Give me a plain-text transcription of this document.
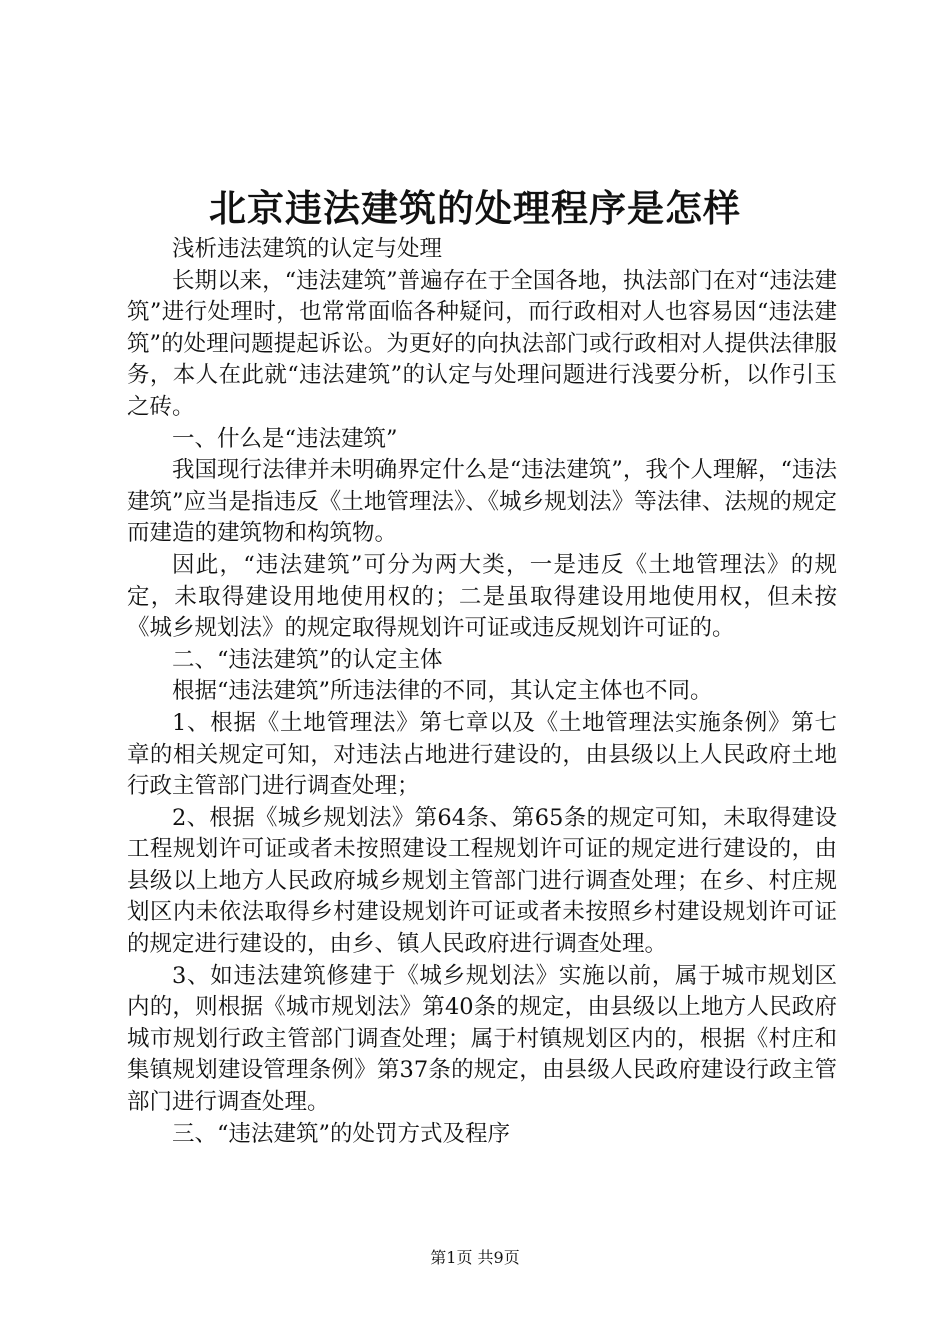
北京违法建筑的处理程序是怎样

浅析违法建筑的认定与处理

长期以来，“违法建筑”普遍存在于全国各地，执法部门在对“违法建筑”进行处理时，也常常面临各种疑问，而行政相对人也容易因“违法建筑”的处理问题提起诉讼。为更好的向执法部门或行政相对人提供法律服务，本人在此就“违法建筑”的认定与处理问题进行浅要分析，以作引玉之砖。

一、什么是“违法建筑”

我国现行法律并未明确界定什么是“违法建筑”，我个人理解，“违法建筑”应当是指违反《土地管理法》、《城乡规划法》等法律、法规的规定而建造的建筑物和构筑物。

因此，“违法建筑”可分为两大类，一是违反《土地管理法》的规定，未取得建设用地使用权的；二是虽取得建设用地使用权，但未按《城乡规划法》的规定取得规划许可证或违反规划许可证的。

二、“违法建筑”的认定主体

根据“违法建筑”所违法律的不同，其认定主体也不同。

1、根据《土地管理法》第七章以及《土地管理法实施条例》第七章的相关规定可知，对违法占地进行建设的，由县级以上人民政府土地行政主管部门进行调查处理；

2、根据《城乡规划法》第64条、第65条的规定可知，未取得建设工程规划许可证或者未按照建设工程规划许可证的规定进行建设的，由县级以上地方人民政府城乡规划主管部门进行调查处理；在乡、村庄规划区内未依法取得乡村建设规划许可证或者未按照乡村建设规划许可证的规定进行建设的，由乡、镇人民政府进行调查处理。

3、如违法建筑修建于《城乡规划法》实施以前，属于城市规划区内的，则根据《城市规划法》第40条的规定，由县级以上地方人民政府城市规划行政主管部门调查处理；属于村镇规划区内的，根据《村庄和集镇规划建设管理条例》第37条的规定，由县级人民政府建设行政主管部门进行调查处理。

三、“违法建筑”的处罚方式及程序

第1页 共9页
